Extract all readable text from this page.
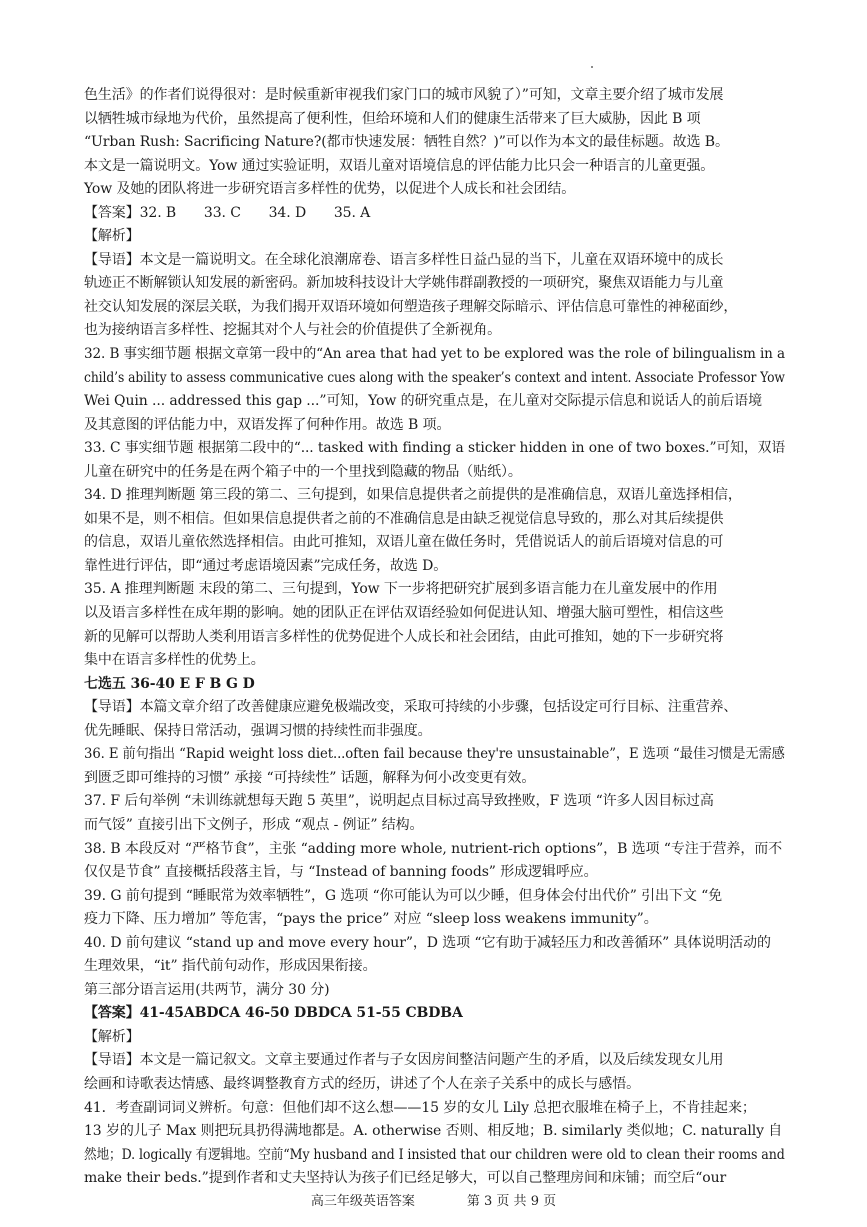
色生活》的作者们说得很对：是时候重新审视我们家门口的城市风貌了）”可知，文章主要介绍了城市发展
以牺牲城市绿地为代价，虽然提高了便利性，但给环境和人们的健康生活带来了巨大威胁，因此 B 项
“Urban Rush: Sacrificing Nature?(都市快速发展：牺牲自然？)”可以作为本文的最佳标题。故选 B。
本文是一篇说明文。Yow 通过实验证明，双语儿童对语境信息的评估能力比只会一种语言的儿童更强。
Yow 及她的团队将进一步研究语言多样性的优势，以促进个人成长和社会团结。
【答案】32. B　　33. C　　34. D　　35. A
【解析】
【导语】本文是一篇说明文。在全球化浪潮席卷、语言多样性日益凸显的当下，儿童在双语环境中的成长
轨迹正不断解锁认知发展的新密码。新加坡科技设计大学姚伟群副教授的一项研究，聚焦双语能力与儿童
社交认知发展的深层关联，为我们揭开双语环境如何塑造孩子理解交际暗示、评估信息可靠性的神秘面纱，
也为接纳语言多样性、挖掘其对个人与社会的价值提供了全新视角。
32. B 事实细节题 根据文章第一段中的“An area that had yet to be explored was the role of bilingualism in a
child’s ability to assess communicative cues along with the speaker’s context and intent. Associate Professor Yow
Wei Quin ... addressed this gap ...”可知，Yow 的研究重点是，在儿童对交际提示信息和说话人的前后语境
及其意图的评估能力中，双语发挥了何种作用。故选 B 项。
33. C 事实细节题 根据第二段中的“... tasked with finding a sticker hidden in one of two boxes.”可知，双语
儿童在研究中的任务是在两个箱子中的一个里找到隐藏的物品（贴纸）。
34. D 推理判断题 第三段的第二、三句提到，如果信息提供者之前提供的是准确信息，双语儿童选择相信，
如果不是，则不相信。但如果信息提供者之前的不准确信息是由缺乏视觉信息导致的，那么对其后续提供
的信息，双语儿童依然选择相信。由此可推知，双语儿童在做任务时，凭借说话人的前后语境对信息的可
靠性进行评估，即“通过考虑语境因素”完成任务，故选 D。
35. A 推理判断题 末段的第二、三句提到，Yow 下一步将把研究扩展到多语言能力在儿童发展中的作用
以及语言多样性在成年期的影响。她的团队正在评估双语经验如何促进认知、增强大脑可塑性，相信这些
新的见解可以帮助人类利用语言多样性的优势促进个人成长和社会团结，由此可推知，她的下一步研究将
集中在语言多样性的优势上。
七选五 36-40 E F B G D
【导语】本篇文章介绍了改善健康应避免极端改变，采取可持续的小步骤，包括设定可行目标、注重营养、
优先睡眠、保持日常活动，强调习惯的持续性而非强度。
36. E 前句指出 “Rapid weight loss diet...often fail because they're unsustainable”，E 选项 “最佳习惯是无需感
到匮乏即可维持的习惯” 承接 “可持续性” 话题，解释为何小改变更有效。
37. F 后句举例 “未训练就想每天跑 5 英里”，说明起点目标过高导致挫败，F 选项 “许多人因目标过高
而气馁” 直接引出下文例子，形成 “观点 - 例证” 结构。
38. B 本段反对 “严格节食”，主张 “adding more whole, nutrient-rich options”，B 选项 “专注于营养，而不
仅仅是节食” 直接概括段落主旨，与 “Instead of banning foods” 形成逻辑呼应。
39. G 前句提到 “睡眠常为效率牺牲”，G 选项 “你可能认为可以少睡，但身体会付出代价” 引出下文 “免
疫力下降、压力增加” 等危害，“pays the price” 对应 “sleep loss weakens immunity”。
40. D 前句建议 “stand up and move every hour”，D 选项 “它有助于减轻压力和改善循环” 具体说明活动的
生理效果，“it” 指代前句动作，形成因果衔接。
第三部分语言运用(共两节，满分 30 分)
【答案】41-45ABDCA 46-50 DBDCA 51-55 CBDBA
【解析】
【导语】本文是一篇记叙文。文章主要通过作者与子女因房间整洁问题产生的矛盾，以及后续发现女儿用
绘画和诗歌表达情感、最终调整教育方式的经历，讲述了个人在亲子关系中的成长与感悟。
41．考查副词词义辨析。句意：但他们却不这么想——15 岁的女儿 Lily 总把衣服堆在椅子上，不肯挂起来；
13 岁的儿子 Max 则把玩具扔得满地都是。A. otherwise 否则、相反地；B. similarly 类似地；C. naturally 自
然地；D. logically 有逻辑地。空前“My husband and I insisted that our children were old to clean their rooms and
make their beds.”提到作者和丈夫坚持认为孩子们已经足够大，可以自己整理房间和床铺；而空后“our
高三年级英语答案　　　　第 3 页 共 9 页
